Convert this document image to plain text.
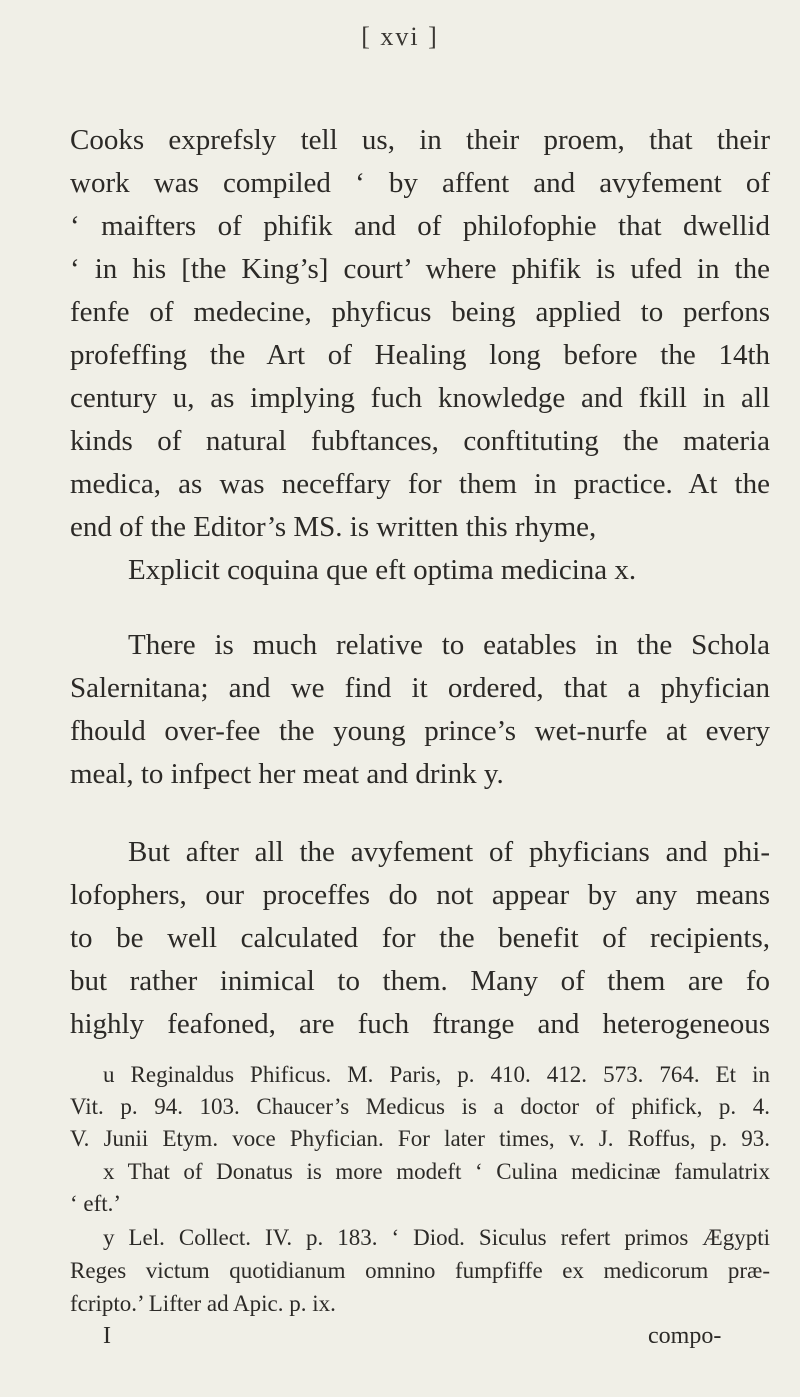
[ xvi ]
Cooks exprefsly tell us, in their proem, that their
work was compiled ‘ by affent and avyfement of
‘ maifters of phifik and of philofophie that dwellid
‘ in his [the King’s] court’ where phifik is ufed in the
fenfe of medecine, phyficus being applied to perfons
profeffing the Art of Healing long before the 14th
century u, as implying fuch knowledge and fkill in all
kinds of natural fubftances, conftituting the materia
medica, as was neceffary for them in practice. At the
end of the Editor’s MS. is written this rhyme,
Explicit coquina que eft optima medicina x.
There is much relative to eatables in the Schola
Salernitana; and we find it ordered, that a phyfician
fhould over-fee the young prince’s wet-nurfe at every
meal, to infpect her meat and drink y.
But after all the avyfement of phyficians and phi-
lofophers, our proceffes do not appear by any means
to be well calculated for the benefit of recipients,
but rather inimical to them. Many of them are fo
highly feafoned, are fuch ftrange and heterogeneous
u Reginaldus Phificus. M. Paris, p. 410. 412. 573. 764. Et in
Vit. p. 94. 103. Chaucer’s Medicus is a doctor of phifick, p. 4.
V. Junii Etym. voce Phyfician. For later times, v. J. Roffus, p. 93.
x That of Donatus is more modeft ‘ Culina medicinæ famulatrix
‘ eft.’
y Lel. Collect. IV. p. 183. ‘ Diod. Siculus refert primos Ægypti
Reges victum quotidianum omnino fumpfiffe ex medicorum præ-
fcripto.’ Lifter ad Apic. p. ix.
I	compo-
